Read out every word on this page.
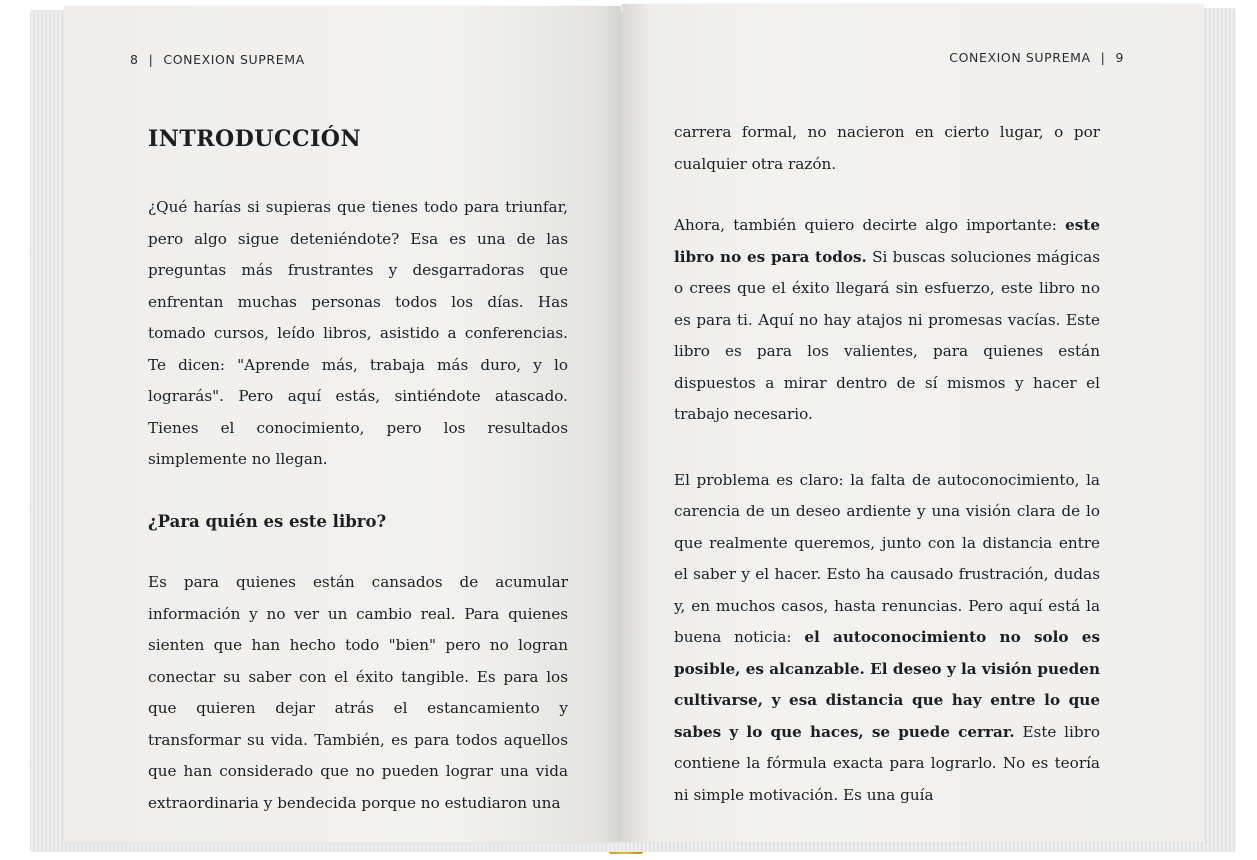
8 | CONEXION SUPREMA

INTRODUCCIÓN

¿Qué harías si supieras que tienes todo para triunfar, pero algo sigue deteniéndote? Esa es una de las preguntas más frustrantes y desgarradoras que enfrentan muchas personas todos los días. Has tomado cursos, leído libros, asistido a conferencias. Te dicen: "Aprende más, trabaja más duro, y lo lograrás". Pero aquí estás, sintiéndote atascado. Tienes el conocimiento, pero los resultados simplemente no llegan.

¿Para quién es este libro?

Es para quienes están cansados de acumular información y no ver un cambio real. Para quienes sienten que han hecho todo "bien" pero no logran conectar su saber con el éxito tangible. Es para los que quieren dejar atrás el estancamiento y transformar su vida. También, es para todos aquellos que han considerado que no pueden lograr una vida extraordinaria y bendecida porque no estudiaron una

CONEXION SUPREMA | 9

carrera formal, no nacieron en cierto lugar, o por cualquier otra razón.

Ahora, también quiero decirte algo importante: este libro no es para todos. Si buscas soluciones mágicas o crees que el éxito llegará sin esfuerzo, este libro no es para ti. Aquí no hay atajos ni promesas vacías. Este libro es para los valientes, para quienes están dispuestos a mirar dentro de sí mismos y hacer el trabajo necesario.

El problema es claro: la falta de autoconocimiento, la carencia de un deseo ardiente y una visión clara de lo que realmente queremos, junto con la distancia entre el saber y el hacer. Esto ha causado frustración, dudas y, en muchos casos, hasta renuncias. Pero aquí está la buena noticia: el autoconocimiento no solo es posible, es alcanzable. El deseo y la visión pueden cultivarse, y esa distancia que hay entre lo que sabes y lo que haces, se puede cerrar. Este libro contiene la fórmula exacta para lograrlo. No es teoría ni simple motivación. Es una guía
